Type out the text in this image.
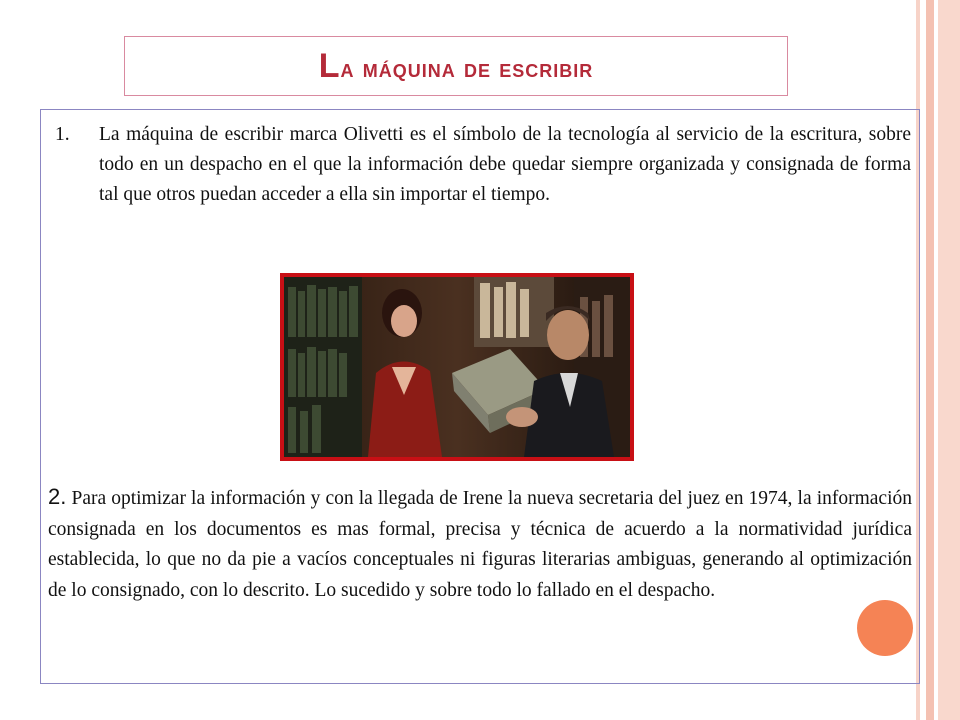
La máquina de escribir
1.	La máquina de escribir marca Olivetti es el símbolo de la tecnología al servicio de la escritura, sobre todo en un despacho en el que la información debe quedar siempre organizada y consignada de forma tal que otros puedan acceder a ella sin importar el tiempo.
2. Para optimizar la información y con la llegada de Irene la nueva secretaria del juez en 1974, la información consignada en los documentos es mas formal, precisa y técnica de acuerdo a la normatividad jurídica establecida, lo que no da pie a vacíos conceptuales ni figuras literarias ambiguas, generando al optimización de lo consignado, con lo descrito. Lo sucedido y sobre todo lo fallado en el despacho.
